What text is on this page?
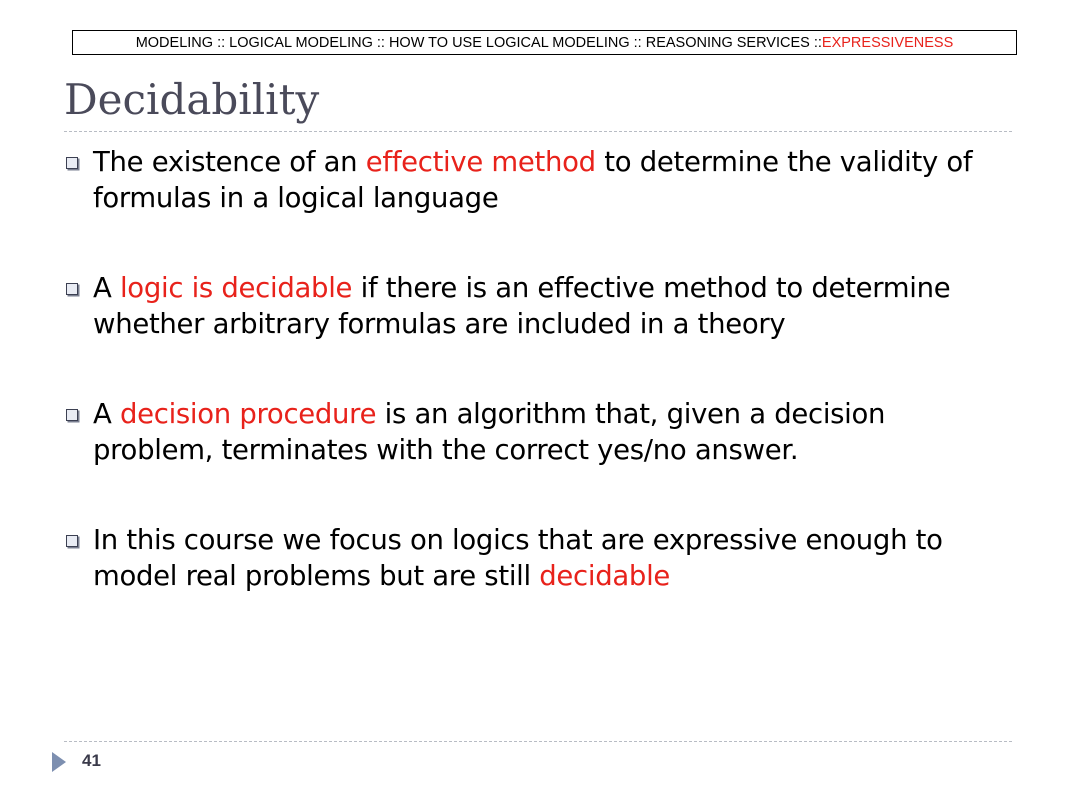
MODELING :: LOGICAL MODELING :: HOW TO USE LOGICAL MODELING :: REASONING SERVICES :: EXPRESSIVENESS
Decidability
The existence of an effective method to determine the validity of formulas in a logical language
A logic is decidable if there is an effective method to determine whether arbitrary formulas are included in a theory
A decision procedure is an algorithm that, given a decision problem, terminates with the correct yes/no answer.
In this course we focus on logics that are expressive enough to model real problems but are still decidable
41
